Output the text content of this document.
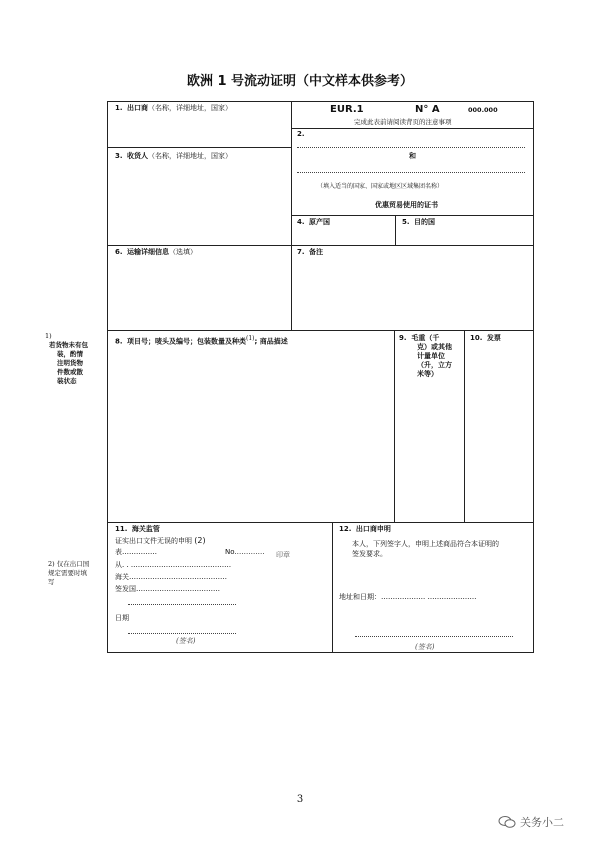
欧洲 1 号流动证明（中文样本供参考）
1)
若货物未有包
装，酌情
注明货物
件数或散
装状态
2) 仅在出口国
规定需要时填
写
EUR.1	N° A	000.000
完成此表前请阅读背页的注意事项
1. 出口商（名称，详细地址，国家）
2.
和
（填入适当的国家、国家或地区区域集团名称）
优惠贸易使用的证书
3. 收货人（名称，详细地址，国家）
4. 原产国	5. 目的国
6. 运输详细信息（选填）	7. 备注
8. 项目号；唛头及编号；包装数量及种类$^{(1)}$; 商品描述	9. 毛重（千
克）或其他
计量单位
（升，立方
米等）
10. 发票
11. 海关监管
证实出口文件无误的申明 (2)
表……………	No.………… 印章
从. . .……………………………………
海关……………………………………
签发国………………………………
日期
(签名)
12. 出口商申明
本人，下列签字人，申明上述商品符合本证明的
签发要求。
地址和日期：………………. …………………
(签名)
3
关务小二
